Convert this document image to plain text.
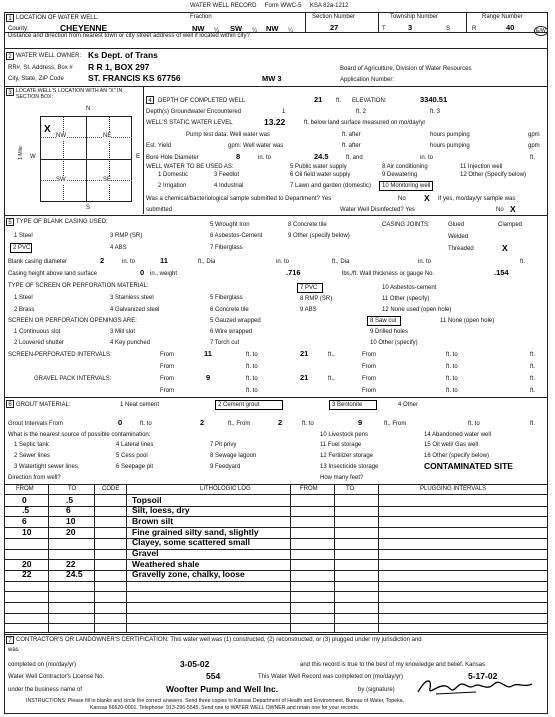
WATER WELL RECORD Form WWC-5 KSA 82a-1212
1 LOCATION OF WATER WELL:	Fraction
County:	CHEYENNE	NW ¼ SW ¼ NW ¼
Section Number
27
Township Number
T	3	S
Range Number
R	40	E/W
Distance and direction from nearest town or city street address of well if located within city?
2 WATER WELL OWNER: Ks Dept. of Trans
RR#, St. Address, Box # R R 1, BOX 297
City, State, ZIP Code	ST. FRANCIS KS 67756	MW 3
Board of Agriculture, Division of Water Resources
Application Number:
3 LOCATE WELL'S LOCATION WITH AN "X" IN SECTION BOX:
N
S
W	E
1 Mile
NW	NE
SW	SE
X
4	DEPTH OF COMPLETED WELL	21 ft. ELEVATION:	3340.51
Depth(s) Groundwater Encountered	1	ft. 2	ft. 3
WELL'S STATIC WATER LEVEL	13.22	ft. below land surface measured on mo/day/yr
Pump test data: Well water was	ft. after	hours pumping	gpm
Est. Yield	gpm: Well water was	ft. after	hours pumping	gpm
Bore Hole Diameter	8	in. to	24.5	ft. and	in. to	ft.
WELL WATER TO BE USED AS:
1 Domestic	3 Feedlot
5 Public water supply
6 Oil field water supply
8 Air conditioning
9 Dewatering
11 Injection well
12 Other (Specify below)
2 Irrigation	4 Industrial	7 Lawn and garden (domestic) 10 Monitoring well
Was a chemical/bacteriological sample submitted to Department? Yes	No X If yes, mo/day/yr sample was
submitted	Water Well Disinfected? Yes	No X
5 TYPE OF BLANK CASING USED:
1 Steel	3 RMP (SR)
5 Wrought Iron
6 Asbestos-Cement
8 Concrete tile
9 Other (specify below)
2 PVC	4 ABS	7 Fiberglass
CASING JOINTS:	Glued	Clamped
Welded
Threaded	X
Blank casing diameter	2	in. to	11	ft., Dia	in. to	ft., Dia	in. to	ft.
Casing height above land surface	0 in., weight	.716	lbs./ft. Wall thickness or gauge No.	.154
TYPE OF SCREEN OR PERFORATION MATERIAL:
1 Steel	3 Stainless steel	5 Fiberglass
7 PVC	10 Asbestos-cement
2 Brass	4 Galvanized steel	6 Concrete tile
8 RMP (SR)
9 ABS
11 Other (specify)
12 None used (open hole)
SCREEN OR PERFORATION OPENINGS ARE:
1 Continuous slot	3 Mill slot
5 Gauzed wrapped	8 Saw cut	11 None (open hole)
2 Louvered shutter	4 Key punched
6 Wire wrapped
7 Torch cut
9 Drilled holes
10 Other (specify)
SCREEN-PERFORATED INTERVALS:	From	11	ft. to	21	ft.,	From	ft. to	ft.
From	ft. to	From	ft. to	ft.
GRAVEL PACK INTERVALS:	From	9	ft. to	21	ft.,	From	ft. to	ft.
From	ft. to	From	ft. to	ft.
6 GROUT MATERIAL:	1 Neat cement	2 Cement grout	3 Bentonite	4 Other
Grout Intervals From	0	ft. to	2	ft., From	2	ft. to	9	ft., From	ft. to	ft.
What is the nearest source of possible contamination:
1 Septic tank	4 Lateral lines	7 Pit privy
10 Livestock pens	14 Abandoned water well
2 Sewer lines	5 Cess pool	8 Sewage lagoon
11 Fuel storage	15 Oil well/ Gas well
3 Watertight sewer lines	6 Seepage pit	9 Feedyard
12 Fertilizer storage
13 Insecticide storage
16 Other (specify below)
CONTAMINATED SITE
Direction from well?	How many feet?
FROM	TO	CODE	LITHOLOGIC LOG	FROM	TO	PLUGGING INTERVALS
0	.5	Topsoil
.5	6	Silt, loess, dry
6	10	Brown silt
10	20	Fine grained silty sand, slightly
Clayey, some scattered small
Gravel
20	22	Weathered shale
22	24.5	Gravelly zone, chalky, loose
7 CONTRACTOR'S OR LANDOWNER'S CERTIFICATION: This water well was (1) constructed, (2) reconstructed, or (3) plugged under my jurisdiction and
was
completed on (mo/day/yr)	3-05-02	and this record is true to the best of my knowledge and belief. Kansas
Water Well Contractor's License No.	554	This Water Well Record was completed on (mo/day/yr)	5-17-02
under the business name of	Woofter Pump and Well Inc.	by (signature)
INSTRUCTIONS: Please fill in blanks and circle the correct answers. Send three copies to Kansas Department of Health and Environment, Bureau of Water, Topeka,
Kansas 66620-0001. Telephone: 913-296-5545. Send one to WATER WELL OWNER and retain one for your records.
